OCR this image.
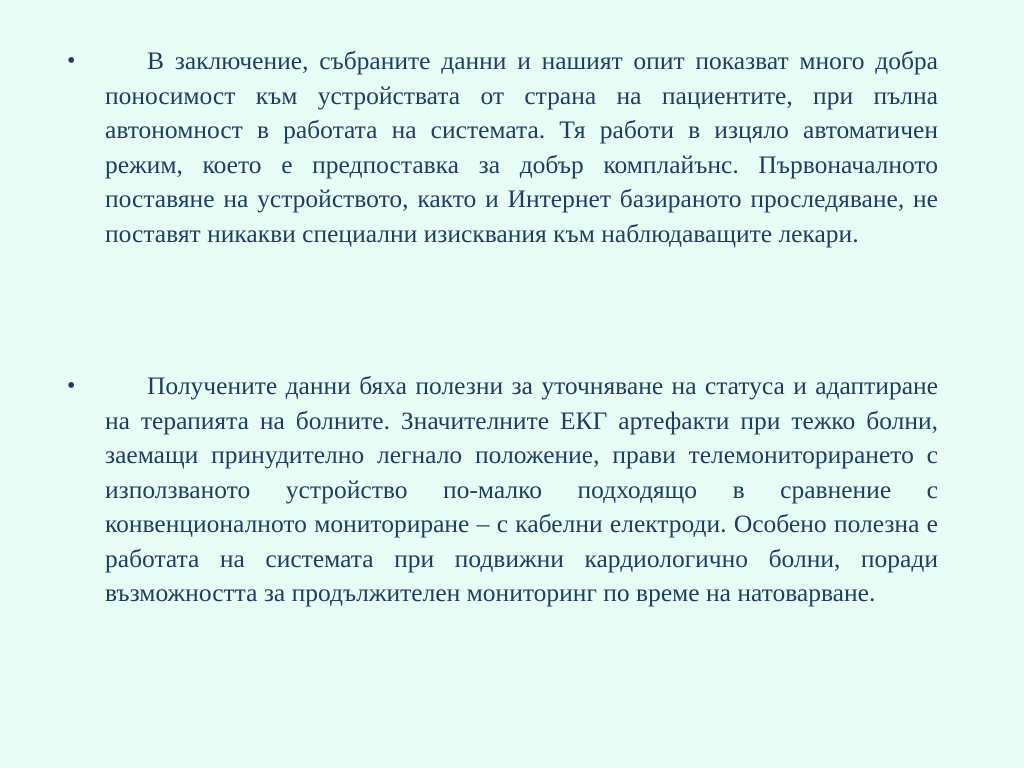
•	В заключение, събраните данни и нашият опит показват много добра поносимост към устройствата от страна на пациентите, при пълна автономност в работата на системата. Тя работи в изцяло автоматичен режим, което е предпоставка за добър комплайънс. Първоначалното поставяне на устройството, както и Интернет базираното проследяване, не поставят никакви специални изисквания към наблюдаващите лекари.

•	Получените данни бяха полезни за уточняване на статуса и адаптиране на терапията на болните. Значителните ЕКГ артефакти при тежко болни, заемащи принудително легнало положение, прави телемониторирането с използваното устройство по-малко подходящо в сравнение с конвенционалното мониториране – с кабелни електроди. Особено полезна е работата на системата при подвижни кардиологично болни, поради възможността за продължителен мониторинг по време на натоварване.
